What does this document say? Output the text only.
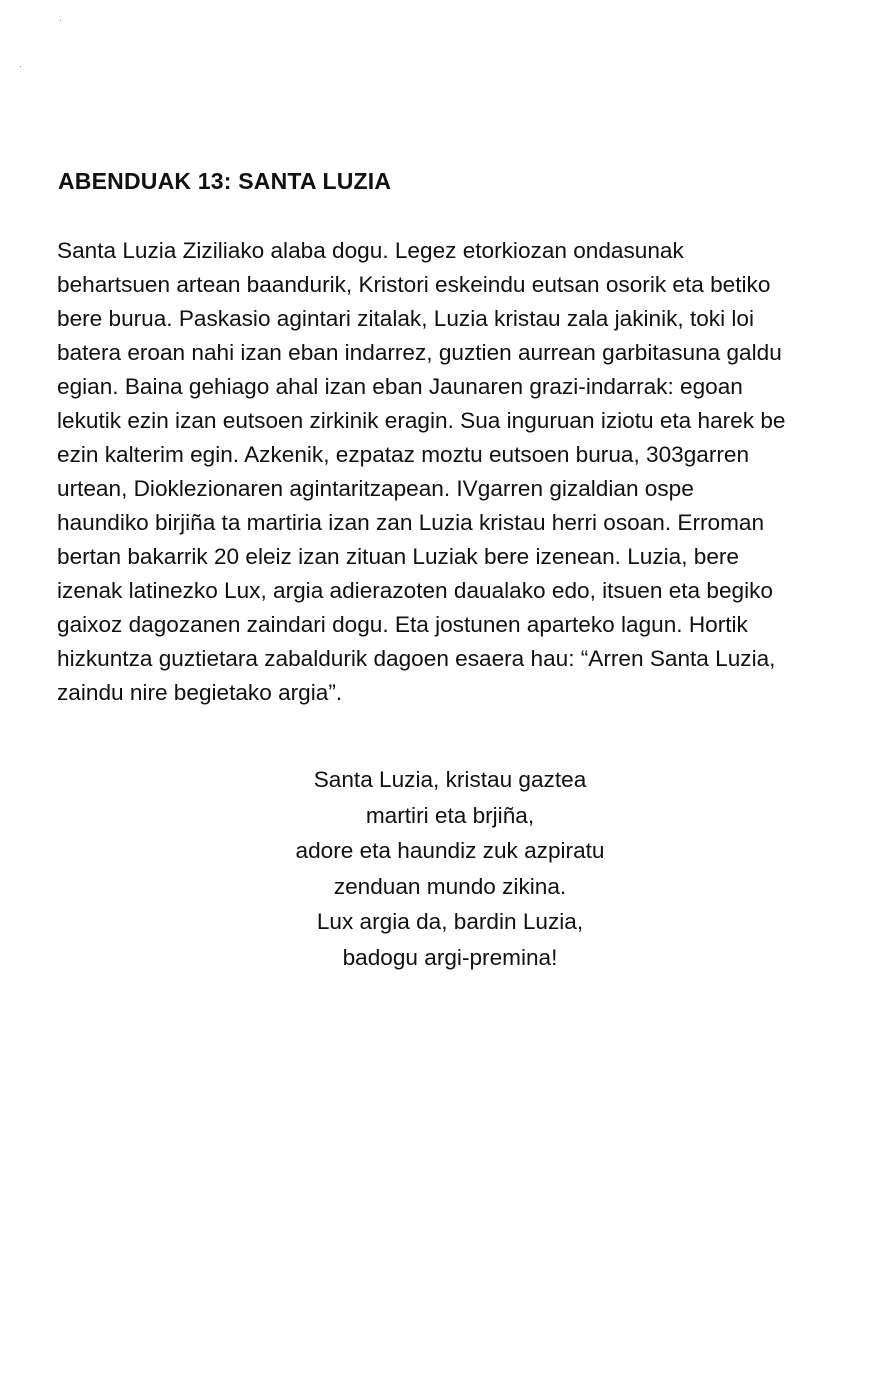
ABENDUAK 13: SANTA LUZIA

Santa Luzia Ziziliako alaba dogu. Legez etorkiozan ondasunak
behartsuen artean baandurik, Kristori eskeindu eutsan osorik eta betiko
bere burua. Paskasio agintari zitalak, Luzia kristau zala jakinik, toki loi
batera eroan nahi izan eban indarrez, guztien aurrean garbitasuna galdu
egian. Baina gehiago ahal izan eban Jaunaren grazi-indarrak: egoan
lekutik ezin izan eutsoen zirkinik eragin. Sua inguruan iziotu eta harek be
ezin kalterim egin. Azkenik, ezpataz moztu eutsoen burua, 303garren
urtean, Dioklezionaren agintaritzapean. IVgarren gizaldian ospe
haundiko birjiña ta martiria izan zan Luzia kristau herri osoan. Erroman
bertan bakarrik 20 eleiz izan zituan Luziak bere izenean. Luzia, bere
izenak latinezko Lux, argia adierazoten daualako edo, itsuen eta begiko
gaixoz dagozanen zaindari dogu. Eta jostunen aparteko lagun. Hortik
hizkuntza guztietara zabaldurik dagoen esaera hau: “Arren Santa Luzia,
zaindu nire begietako argia”.

Santa Luzia, kristau gaztea
martiri eta brjiña,
adore eta haundiz zuk azpiratu
zenduan mundo zikina.
Lux argia da, bardin Luzia,
badogu argi-premina!
